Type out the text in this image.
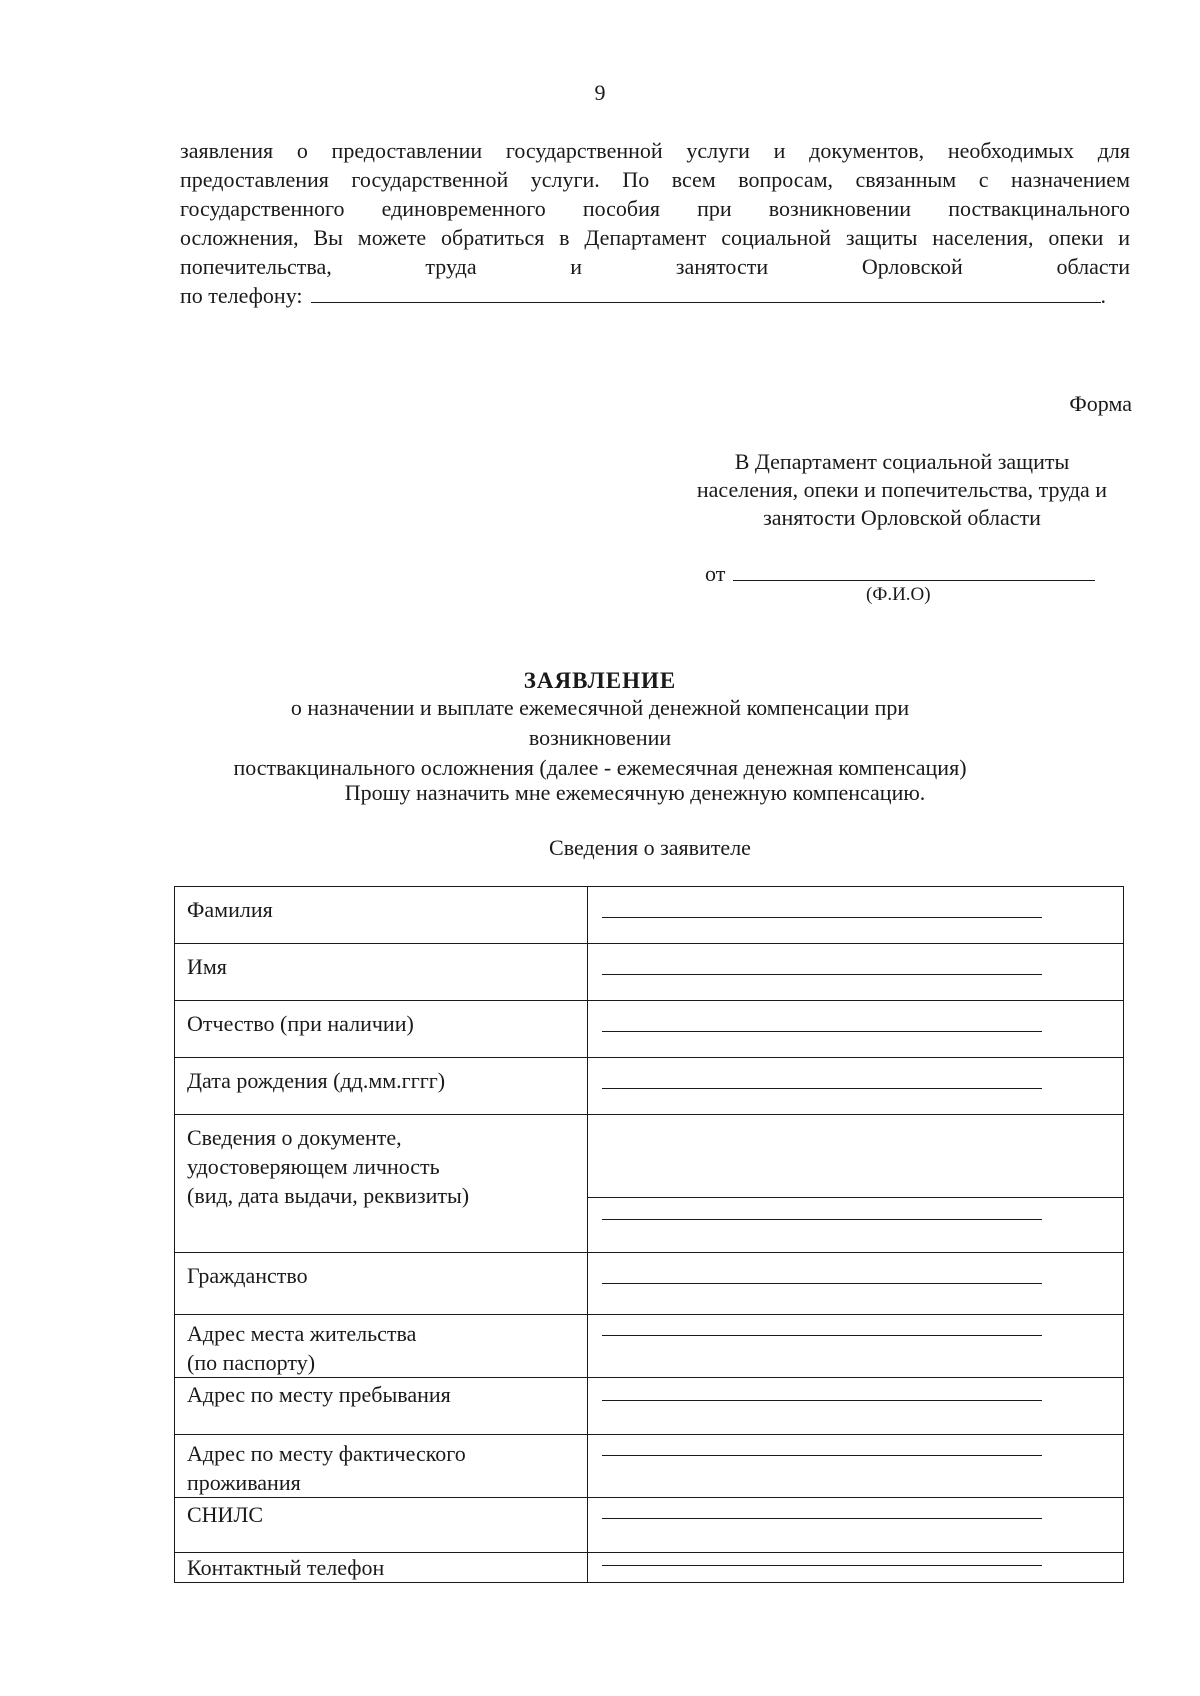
9
заявления о предоставлении государственной услуги и документов, необходимых для
предоставления государственной услуги. По всем вопросам, связанным с назначением
государственного единовременного пособия при возникновении поствакцинального
осложнения, Вы можете обратиться в Департамент социальной защиты населения, опеки и
попечительства, труда и занятости Орловской области
по телефону:	.
Форма
В Департамент социальной защиты
населения, опеки и попечительства, труда и
занятости Орловской области
от
(Ф.И.О)
ЗАЯВЛЕНИЕ
о назначении и выплате ежемесячной денежной компенсации при возникновении
поствакцинального осложнения (далее - ежемесячная денежная компенсация)
Прошу назначить мне ежемесячную денежную компенсацию.
Сведения о заявителе
Фамилия	

Имя	

Отчество (при наличии)	

Дата рождения (дд.мм.гггг)	

Сведения о документе,
удостоверяющем личность
(вид, дата выдачи, реквизиты)	

Гражданство	

Адрес места жительства
(по паспорту)	

Адрес по месту пребывания	

Адрес по месту фактического
проживания	

СНИЛС	

Контактный телефон	
